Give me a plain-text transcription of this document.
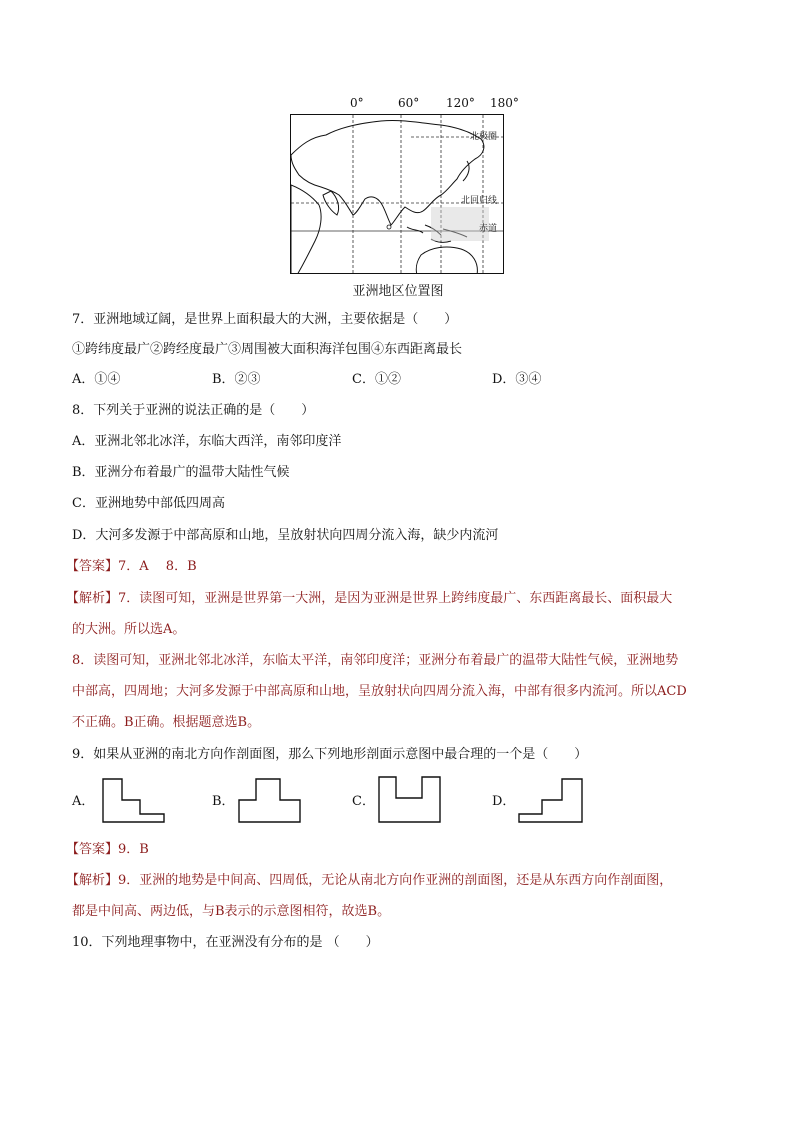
0°	60° 120° 180°
北极圈
北回归线
赤道
亚洲地区位置图
7．亚洲地域辽阔，是世界上面积最大的大洲，主要依据是（　　）
①跨纬度最广②跨经度最广③周围被大面积海洋包围④东西距离最长
A．①④	B．②③	C．①②	D．③④
8．下列关于亚洲的说法正确的是（　　）
A．亚洲北邻北冰洋，东临大西洋，南邻印度洋
B．亚洲分布着最广的温带大陆性气候
C．亚洲地势中部低四周高
D．大河多发源于中部高原和山地，呈放射状向四周分流入海，缺少内流河
【答案】7．A　 8．B
【解析】7．读图可知，亚洲是世界第一大洲，是因为亚洲是世界上跨纬度最广、东西距离最长、面积最大
的大洲。所以选A。
8．读图可知，亚洲北邻北冰洋，东临太平洋，南邻印度洋；亚洲分布着最广的温带大陆性气候，亚洲地势
中部高，四周地；大河多发源于中部高原和山地，呈放射状向四周分流入海，中部有很多内流河。所以ACD
不正确。B正确。根据题意选B。
9．如果从亚洲的南北方向作剖面图，那么下列地形剖面示意图中最合理的一个是（　　）
A．	B．	C．	D．
【答案】9．B
【解析】9．亚洲的地势是中间高、四周低，无论从南北方向作亚洲的剖面图，还是从东西方向作剖面图，
都是中间高、两边低，与B表示的示意图相符，故选B。
10．下列地理事物中，在亚洲没有分布的是 （　　）
